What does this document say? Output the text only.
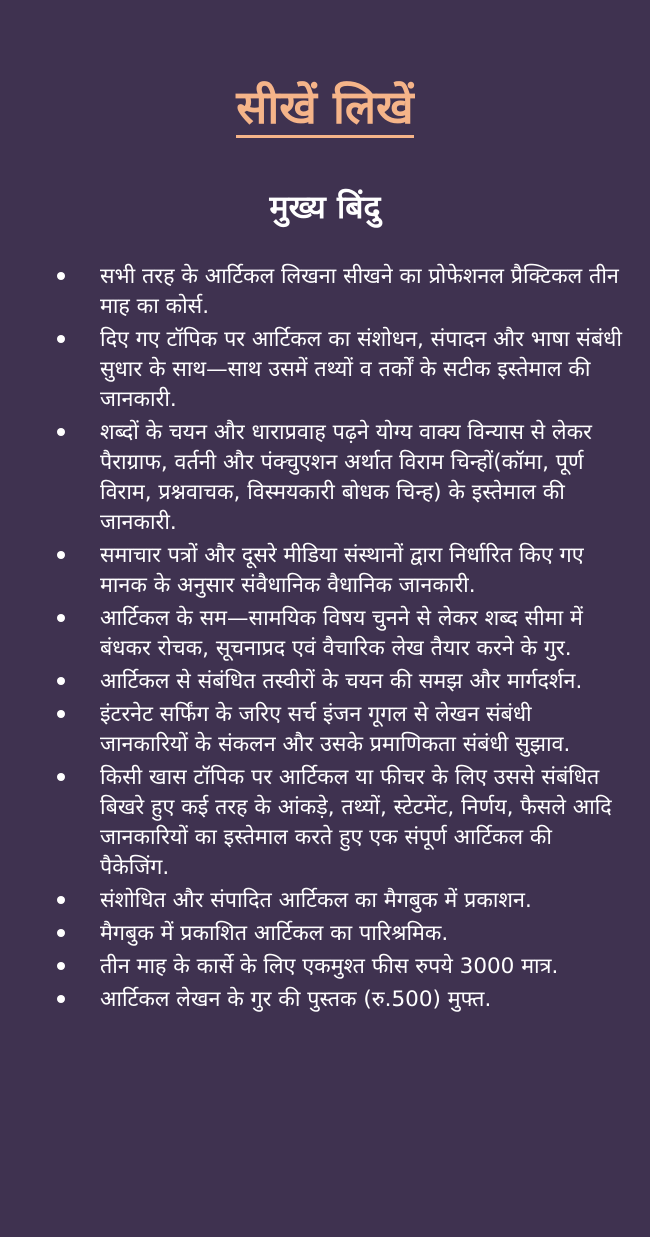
सीखें लिखें
मुख्य बिंदु
सभी तरह के आर्टिकल लिखना सीखने का प्रोफेशनल प्रैक्टिकल तीन माह का कोर्स.
दिए गए टॉपिक पर आर्टिकल का संशोधन, संपादन और भाषा संबंधी सुधार के साथ—साथ उसमें तथ्यों व तर्कों के सटीक इस्तेमाल की जानकारी.
शब्दों के चयन और धाराप्रवाह पढ़ने योग्य वाक्य विन्यास से लेकर पैराग्राफ, वर्तनी और पंक्चुएशन अर्थात विराम चिन्हों(कॉमा, पूर्ण विराम, प्रश्नवाचक, विस्मयकारी बोधक चिन्ह) के इस्तेमाल की जानकारी.
समाचार पत्रों और दूसरे मीडिया संस्थानों द्वारा निर्धारित किए गए मानक के अनुसार संवैधानिक वैधानिक जानकारी.
आर्टिकल के सम—सामयिक विषय चुनने से लेकर शब्द सीमा में बंधकर रोचक, सूचनाप्रद एवं वैचारिक लेख तैयार करने के गुर.
आर्टिकल से संबंधित तस्वीरों के चयन की समझ और मार्गदर्शन.
इंटरनेट सर्फिंग के जरिए सर्च इंजन गूगल से लेखन संबंधी जानकारियों के संकलन और उसके प्रमाणिकता संबंधी सुझाव.
किसी खास टॉपिक पर आर्टिकल या फीचर के लिए उससे संबंधित बिखरे हुए कई तरह के आंकड़े, तथ्यों, स्टेटमेंट, निर्णय, फैसले आदि जानकारियों का इस्तेमाल करते हुए एक संपूर्ण आर्टिकल की पैकेजिंग.
संशोधित और संपादित आर्टिकल का मैगबुक में प्रकाशन.
मैगबुक में प्रकाशित आर्टिकल का पारिश्रमिक.
तीन माह के कार्से के लिए एकमुश्त फीस रुपये 3000 मात्र.
आर्टिकल लेखन के गुर की पुस्तक (रु.500) मुफ्त.
